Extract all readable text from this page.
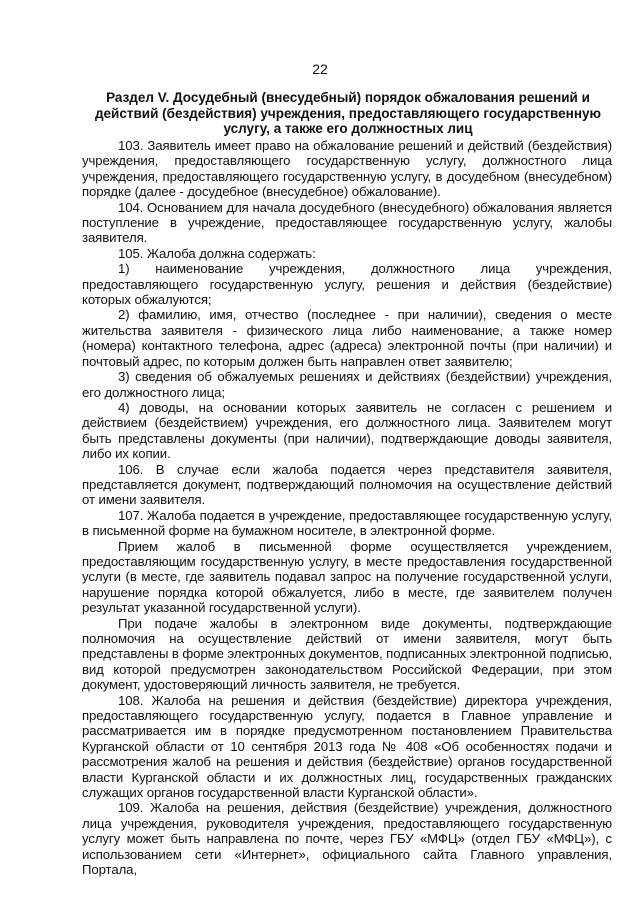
22
Раздел V. Досудебный (внесудебный) порядок обжалования решений и действий (бездействия) учреждения, предоставляющего государственную услугу, а также его должностных лиц

103. Заявитель имеет право на обжалование решений и действий (бездействия) учреждения, предоставляющего государственную услугу, должностного лица учреждения, предоставляющего государственную услугу, в досудебном (внесудебном) порядке (далее - досудебное (внесудебное) обжалование).

104. Основанием для начала досудебного (внесудебного) обжалования является поступление в учреждение, предоставляющее государственную услугу, жалобы заявителя.

105. Жалоба должна содержать:

1) наименование учреждения, должностного лица учреждения, предоставляющего государственную услугу, решения и действия (бездействие) которых обжалуются;

2) фамилию, имя, отчество (последнее - при наличии), сведения о месте жительства заявителя - физического лица либо наименование, а также номер (номера) контактного телефона, адрес (адреса) электронной почты (при наличии) и почтовый адрес, по которым должен быть направлен ответ заявителю;

3) сведения об обжалуемых решениях и действиях (бездействии) учреждения, его должностного лица;

4) доводы, на основании которых заявитель не согласен с решением и действием (бездействием) учреждения, его должностного лица. Заявителем могут быть представлены документы (при наличии), подтверждающие доводы заявителя, либо их копии.

106. В случае если жалоба подается через представителя заявителя, представляется документ, подтверждающий полномочия на осуществление действий от имени заявителя.

107. Жалоба подается в учреждение, предоставляющее государственную услугу, в письменной форме на бумажном носителе, в электронной форме.

Прием жалоб в письменной форме осуществляется учреждением, предоставляющим государственную услугу, в месте предоставления государственной услуги (в месте, где заявитель подавал запрос на получение государственной услуги, нарушение порядка которой обжалуется, либо в месте, где заявителем получен результат указанной государственной услуги).

При подаче жалобы в электронном виде документы, подтверждающие полномочия на осуществление действий от имени заявителя, могут быть представлены в форме электронных документов, подписанных электронной подписью, вид которой предусмотрен законодательством Российской Федерации, при этом документ, удостоверяющий личность заявителя, не требуется.

108. Жалоба на решения и действия (бездействие) директора учреждения, предоставляющего государственную услугу, подается в Главное управление и рассматривается им в порядке предусмотренном постановлением Правительства Курганской области от 10 сентября 2013 года № 408 «Об особенностях подачи и рассмотрения жалоб на решения и действия (бездействие) органов государственной власти Курганской области и их должностных лиц, государственных гражданских служащих органов государственной власти Курганской области».

109. Жалоба на решения, действия (бездействие) учреждения, должностного лица учреждения, руководителя учреждения, предоставляющего государственную услугу может быть направлена по почте, через ГБУ «МФЦ» (отдел ГБУ «МФЦ»), с использованием сети «Интернет», официального сайта Главного управления, Портала,
